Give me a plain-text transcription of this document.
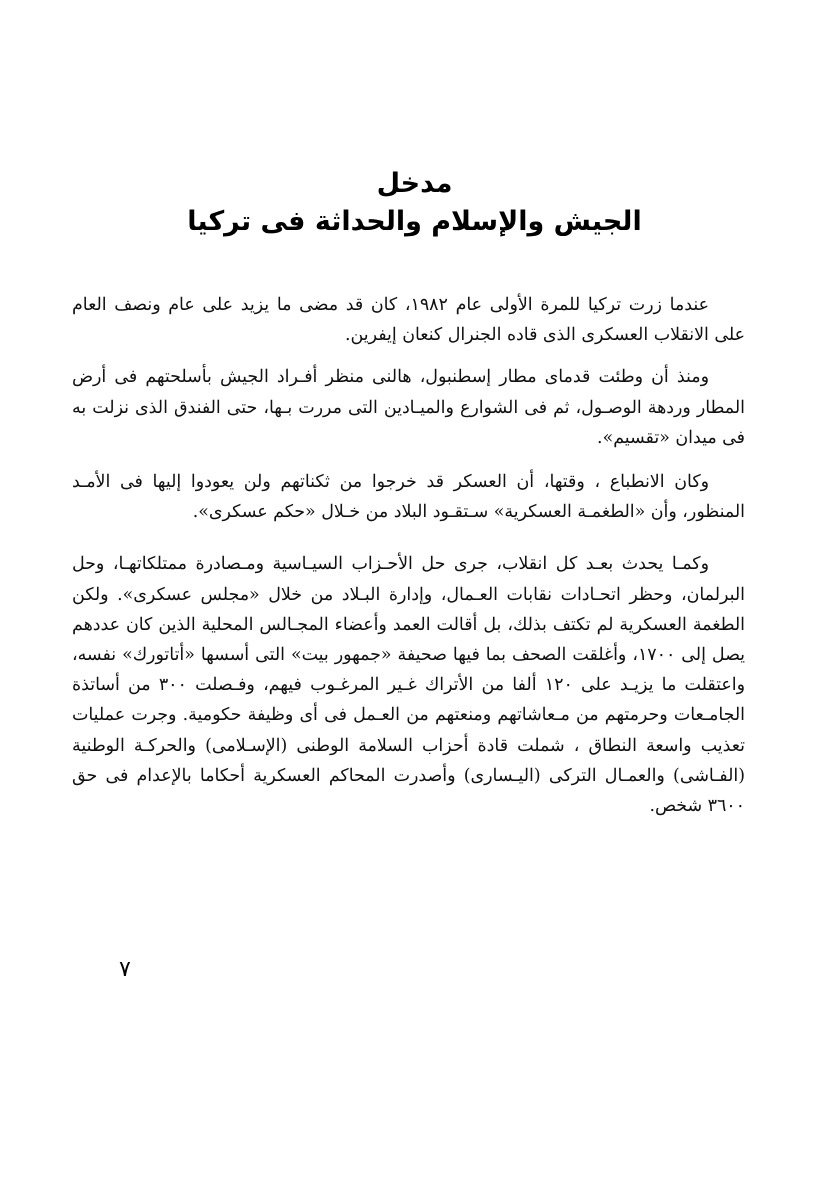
مدخل
الجيش والإسلام والحداثة فى تركيا

عندما زرت تركيا للمرة الأولى عام ١٩٨٢، كان قد مضى ما يزيد على عام ونصف العام على الانقلاب العسكرى الذى قاده الجنرال كنعان إيفرين.

ومنذ أن وطئت قدماى مطار إسطنبول، هالنى منظر أفـراد الجيش بأسلحتهم فى أرض المطار وردهة الوصـول، ثم فى الشوارع والميـادين التى مررت بـها، حتى الفندق الذى نزلت به فى ميدان «تقسيم».

وكان الانطباع ، وقتها، أن العسكر قد خرجوا من ثكناتهم ولن يعودوا إليها فى الأمـد المنظور، وأن «الطغمـة العسكرية» سـتقـود البلاد من خـلال «حكم عسكرى».

وكمـا يحدث بعـد كل انقلاب، جرى حل الأحـزاب السيـاسية ومـصادرة ممتلكاتهـا، وحل البرلمان، وحظر اتحـادات نقابات العـمال، وإدارة البـلاد من خلال «مجلس عسكرى». ولكن الطغمة العسكرية لم تكتف بذلك، بل أقالت العمد وأعضاء المجـالس المحلية الذين كان عددهم يصل إلى ١٧٠٠، وأغلقت الصحف بما فيها صحيفة «جمهور بيت» التى أسسها «أتاتورك» نفسه، واعتقلت ما يزيـد على ١٢٠ ألفا من الأتراك غـير المرغـوب فيهم، وفـصلت ٣٠٠ من أساتذة الجامـعات وحرمتهم من مـعاشاتهم ومنعتهم من العـمل فى أى وظيفة حكومية. وجرت عمليات تعذيب واسعة النطاق ، شملت قادة أحزاب السلامة الوطنى (الإسـلامى) والحركـة الوطنية (الفـاشى) والعمـال التركى (اليـسارى) وأصدرت المحاكم العسكرية أحكاما بالإعدام فى حق ٣٦٠٠ شخص.

٧
